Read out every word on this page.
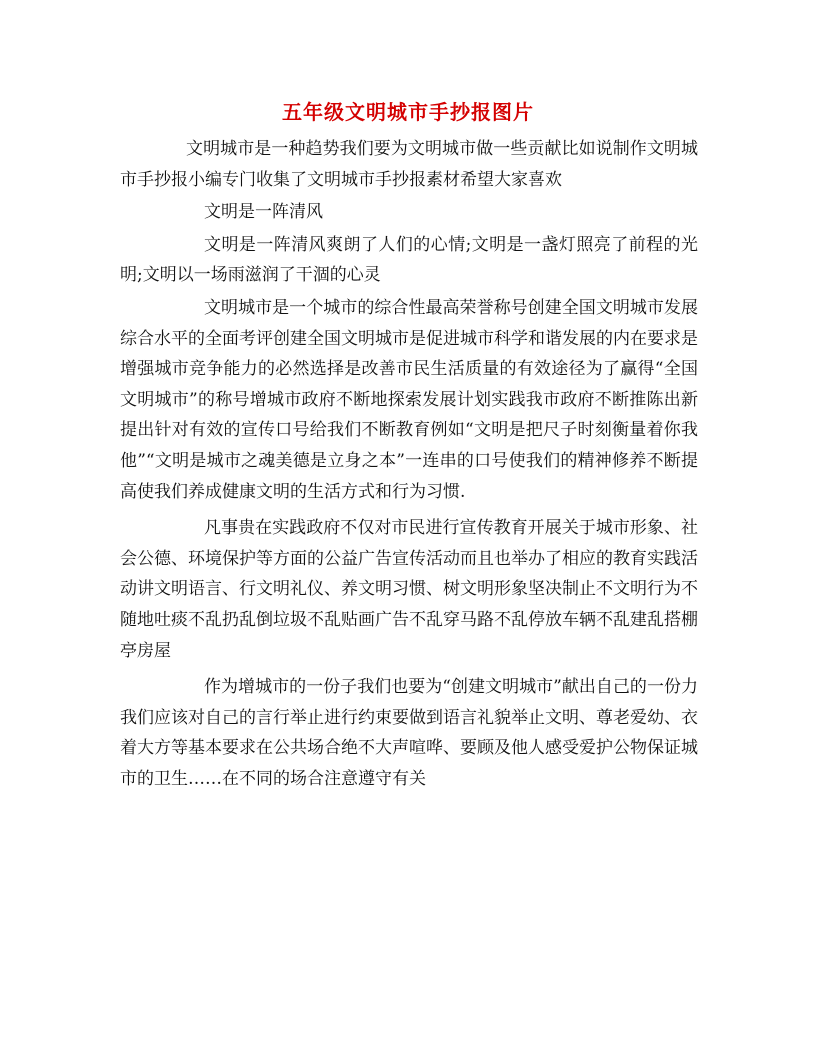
五年级文明城市手抄报图片

文明城市是一种趋势我们要为文明城市做一些贡献比如说制作文明城市手抄报小编专门收集了文明城市手抄报素材希望大家喜欢

文明是一阵清风

文明是一阵清风爽朗了人们的心情;文明是一盏灯照亮了前程的光明;文明以一场雨滋润了干涸的心灵

文明城市是一个城市的综合性最高荣誉称号创建全国文明城市发展综合水平的全面考评创建全国文明城市是促进城市科学和谐发展的内在要求是增强城市竞争能力的必然选择是改善市民生活质量的有效途径为了赢得“全国文明城市”的称号增城市政府不断地探索发展计划实践我市政府不断推陈出新提出针对有效的宣传口号给我们不断教育例如“文明是把尺子时刻衡量着你我他”“文明是城市之魂美德是立身之本”一连串的口号使我们的精神修养不断提高使我们养成健康文明的生活方式和行为习惯.

凡事贵在实践政府不仅对市民进行宣传教育开展关于城市形象、社会公德、环境保护等方面的公益广告宣传活动而且也举办了相应的教育实践活动讲文明语言、行文明礼仪、养文明习惯、树文明形象坚决制止不文明行为不随地吐痰不乱扔乱倒垃圾不乱贴画广告不乱穿马路不乱停放车辆不乱建乱搭棚亭房屋

作为增城市的一份子我们也要为“创建文明城市”献出自己的一份力我们应该对自己的言行举止进行约束要做到语言礼貌举止文明、尊老爱幼、衣着大方等基本要求在公共场合绝不大声喧哗、要顾及他人感受爱护公物保证城市的卫生……在不同的场合注意遵守有关
